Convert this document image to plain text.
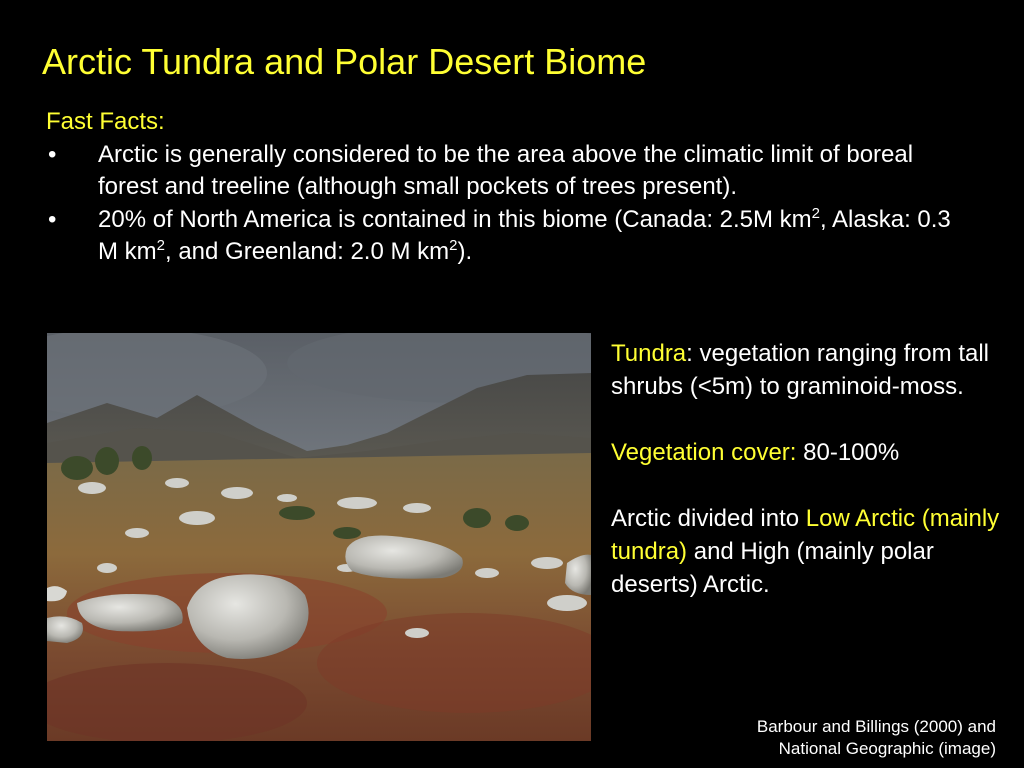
Arctic Tundra and Polar Desert Biome
Fast Facts:
• Arctic is generally considered to be the area above the climatic limit of boreal forest and treeline (although small pockets of trees present).
• 20% of North America is contained in this biome (Canada: 2.5M $km^2$, Alaska: 0.3 M $km^2$, and Greenland: 2.0 M $km^2$).

Tundra: vegetation ranging from tall shrubs (<5m) to graminoid-moss.

Vegetation cover: 80-100%

Arctic divided into Low Arctic (mainly tundra) and High (mainly polar deserts) Arctic.

Barbour and Billings (2000) and
National Geographic (image)
